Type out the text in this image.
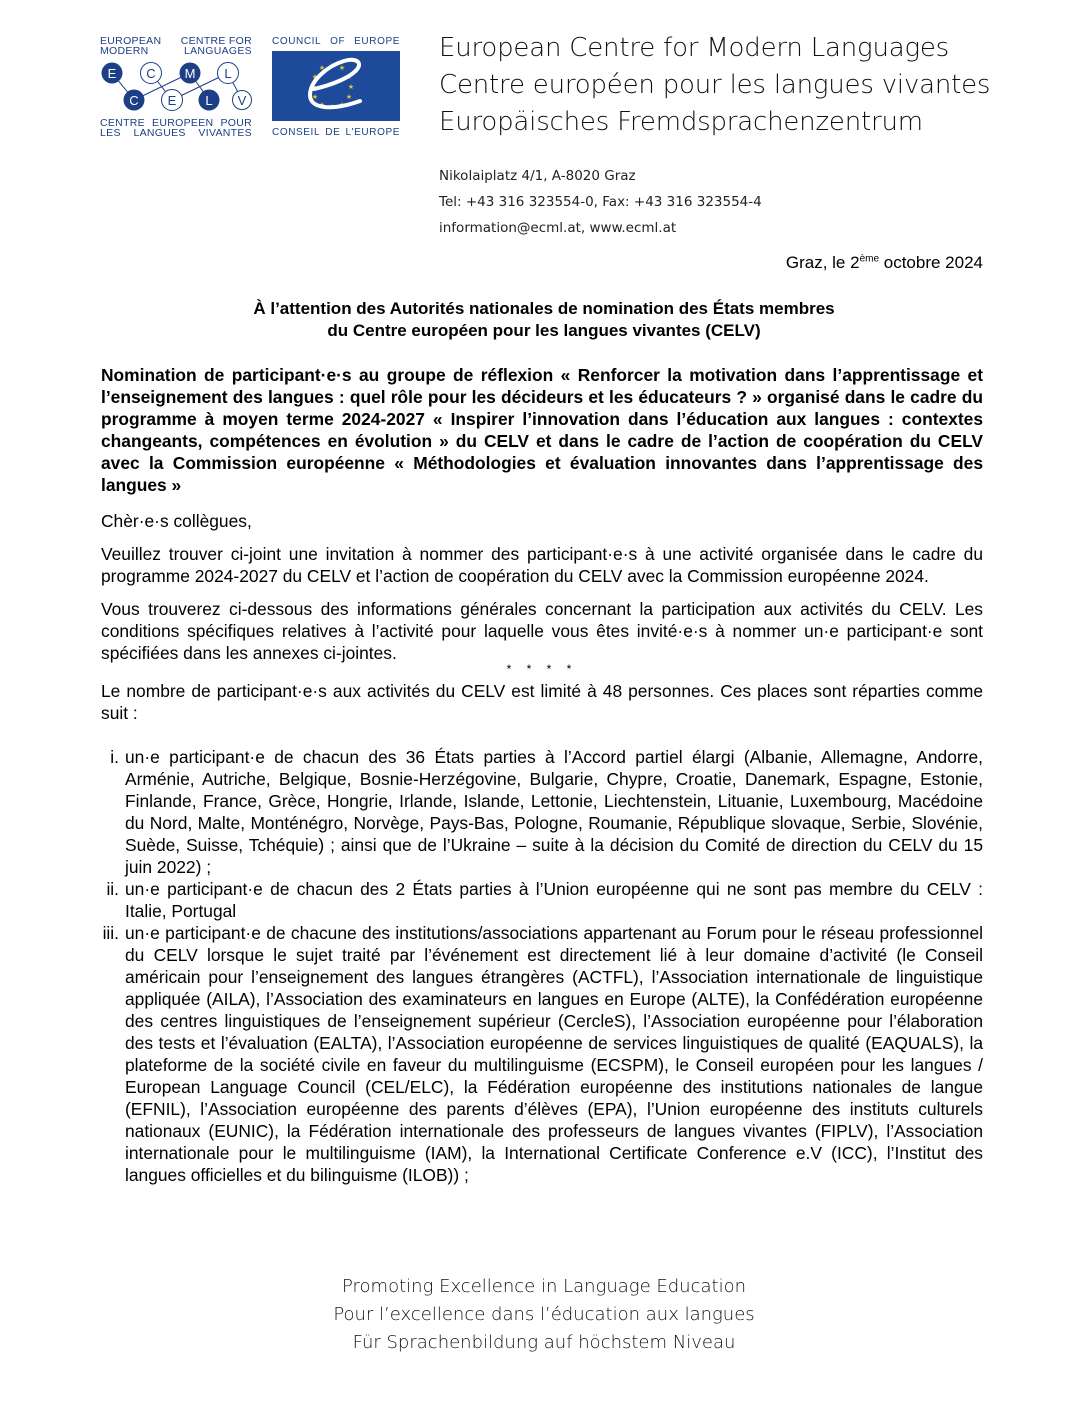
EUROPEAN CENTRE FOR
MODERN	LANGUAGES
E C M L
C E L V
CENTRE EUROPEEN POUR
LES LANGUES VIVANTES
COUNCIL OF EUROPE
★ ★ ★
★	★
★	★
★	★
★ ★ ★
CONSEIL DE L'EUROPE
European Centre for Modern Languages
Centre européen pour les langues vivantes
Europäisches Fremdsprachenzentrum
Nikolaiplatz 4/1, A-8020 Graz
Tel: +43 316 323554-0, Fax: +43 316 323554-4
information@ecml.at, www.ecml.at
Graz, le 2ème octobre 2024
À l’attention des Autorités nationales de nomination des États membres
du Centre européen pour les langues vivantes (CELV)

Nomination de participant·e·s au groupe de réflexion « Renforcer la motivation dans l’apprentissage et l’enseignement des langues : quel rôle pour les décideurs et les éducateurs ? » organisé dans le cadre du programme à moyen terme 2024-2027 « Inspirer l’innovation dans l’éducation aux langues : contextes changeants, compétences en évolution » du CELV et dans le cadre de l’action de coopération du CELV avec la Commission européenne « Méthodologies et évaluation innovantes dans l’apprentissage des langues »

Chèr·e·s collègues,

Veuillez trouver ci-joint une invitation à nommer des participant·e·s à une activité organisée dans le cadre du programme 2024-2027 du CELV et l’action de coopération du CELV avec la Commission européenne 2024.

Vous trouverez ci-dessous des informations générales concernant la participation aux activités du CELV. Les conditions spécifiques relatives à l’activité pour laquelle vous êtes invité·e·s à nommer un·e participant·e sont spécifiées dans les annexes ci-jointes.

* * * *

Le nombre de participant·e·s aux activités du CELV est limité à 48 personnes. Ces places sont réparties comme suit :

i. un·e participant·e de chacun des 36 États parties à l’Accord partiel élargi (Albanie, Allemagne, Andorre, Arménie, Autriche, Belgique, Bosnie-Herzégovine, Bulgarie, Chypre, Croatie, Danemark, Espagne, Estonie, Finlande, France, Grèce, Hongrie, Irlande, Islande, Lettonie, Liechtenstein, Lituanie, Luxembourg, Macédoine du Nord, Malte, Monténégro, Norvège, Pays-Bas, Pologne, Roumanie, République slovaque, Serbie, Slovénie, Suède, Suisse, Tchéquie) ; ainsi que de l’Ukraine – suite à la décision du Comité de direction du CELV du 15 juin 2022) ;
ii. un·e participant·e de chacun des 2 États parties à l’Union européenne qui ne sont pas membre du CELV : Italie, Portugal
iii. un·e participant·e de chacune des institutions/associations appartenant au Forum pour le réseau professionnel du CELV lorsque le sujet traité par l’événement est directement lié à leur domaine d’activité (le Conseil américain pour l’enseignement des langues étrangères (ACTFL), l’Association internationale de linguistique appliquée (AILA), l’Association des examinateurs en langues en Europe (ALTE), la Confédération européenne des centres linguistiques de l’enseignement supérieur (CercleS), l’Association européenne pour l’élaboration des tests et l’évaluation (EALTA), l’Association européenne de services linguistiques de qualité (EAQUALS), la plateforme de la société civile en faveur du multilinguisme (ECSPM), le Conseil européen pour les langues / European Language Council (CEL/ELC), la Fédération européenne des institutions nationales de langue (EFNIL), l’Association européenne des parents d’élèves (EPA), l’Union européenne des instituts culturels nationaux (EUNIC), la Fédération internationale des professeurs de langues vivantes (FIPLV), l’Association internationale pour le multilinguisme (IAM), la International Certificate Conference e.V (ICC), l’Institut des langues officielles et du bilinguisme (ILOB)) ;
Promoting Excellence in Language Education
Pour l’excellence dans l’éducation aux langues
Für Sprachenbildung auf höchstem Niveau
